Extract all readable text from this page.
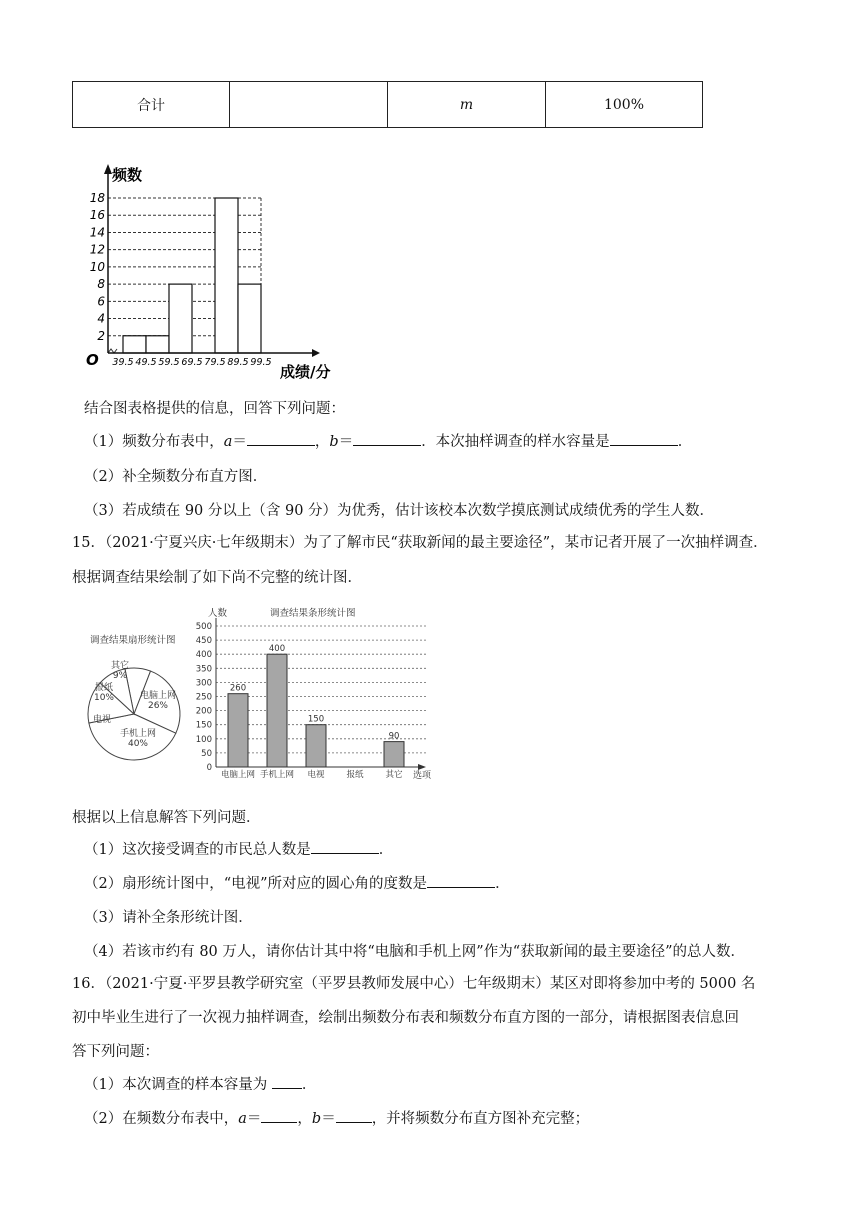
合计		m	100%
频数
成绩/分
O
18
16
14
12
10
8
6
4
2
39.5 49.5 59.5 69.5 79.5 89.5 99.5
结合图表格提供的信息，回答下列问题：
（1）频数分布表中，a＝	，b＝	．本次抽样调查的样水容量是	．
（2）补全频数分布直方图．
（3）若成绩在 90 分以上（含 90 分）为优秀，估计该校本次数学摸底测试成绩优秀的学生人数．
15．（2021·宁夏兴庆·七年级期末）为了了解市民“获取新闻的最主要途径”，某市记者开展了一次抽样调查．
根据调查结果绘制了如下尚不完整的统计图．
调查结果扇形统计图
电脑上网
26%
手机上网
40%
电视
报纸
10%
其它
9%
人数	调查结果条形统计图
0
50
100
150
200
250
300
350
400
450
500
260
400
150
90
电脑上网 手机上网 电视	报纸	其它 选项
根据以上信息解答下列问题．
（1）这次接受调查的市民总人数是	．
（2）扇形统计图中，“电视”所对应的圆心角的度数是	．
（3）请补全条形统计图．
（4）若该市约有 80 万人，请你估计其中将“电脑和手机上网”作为“获取新闻的最主要途径”的总人数．
16．（2021·宁夏·平罗县教学研究室（平罗县教师发展中心）七年级期末）某区对即将参加中考的 5000 名
初中毕业生进行了一次视力抽样调查，绘制出频数分布表和频数分布直方图的一部分，请根据图表信息回
答下列问题：
（1）本次调查的样本容量为 ．
（2）在频数分布表中，a＝ ，b＝ ，并将频数分布直方图补充完整；
